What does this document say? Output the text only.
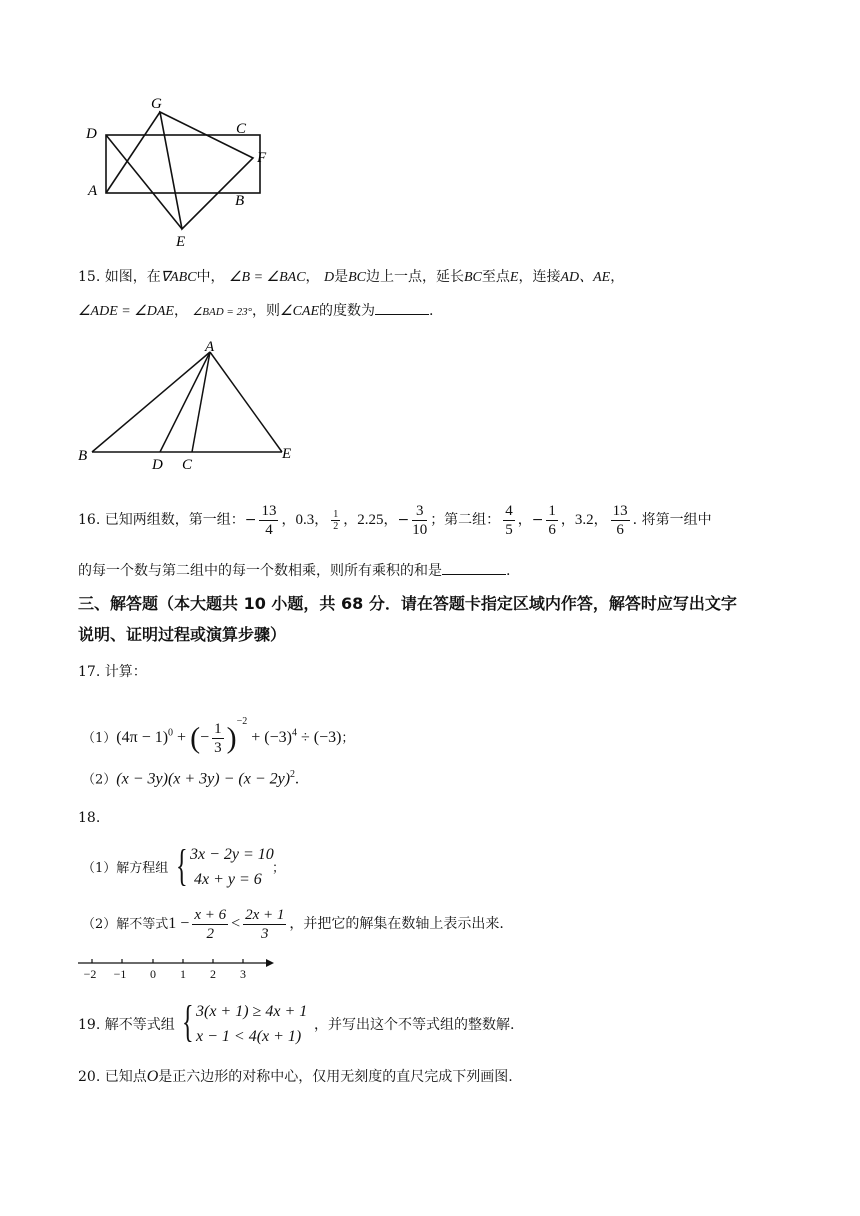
G
D	C
F
A
B
E
15. 如图，在∇ABC中， ∠B = ∠BAC， D是BC边上一点，延长BC至点E，连接AD、AE，
∠ADE = ∠DAE， ∠BAD = 23°，则∠CAE的度数为	.
A
B
D C
E
16. 已知两组数，第一组：− $\frac{13}{4}$ ，0.3， $\frac{1}{2}$ ，2.25，− $\frac{3}{10}$ ；第二组： $\frac{4}{5}$ ，− $\frac{1}{6}$ ，3.2， $\frac{13}{6}$ . 将第一组中
的每一个数与第二组中的每一个数相乘，则所有乘积的和是	.
三、解答题（本大题共 10 小题，共 68 分．请在答题卡指定区域内作答，解答时应写出文字
说明、证明过程或演算步骤）
17. 计算：
$(1)(4\pi - 1)^0$ + (− $\frac{1}{3} )^{-2} + (-3)^4 \div (-3)$；
$(2)(x - 3y)(x + 3y) - (x - 2y)^2$.
18.
（1）解方程组 { 3x − 2y = 10
4x + y = 6
；
（2）解不等式$1 - \frac{x + 6}{2} < \frac{2x + 1}{3}$ ，并把它的解集在数轴上表示出来.
−2 −1 0 1 2 3
19. 解不等式组 { 3(x + 1) ≥ 4x + 1
x − 1 < 4(x + 1)
，并写出这个不等式组的整数解.
20. 已知点O是正六边形的对称中心，仅用无刻度的直尺完成下列画图.
